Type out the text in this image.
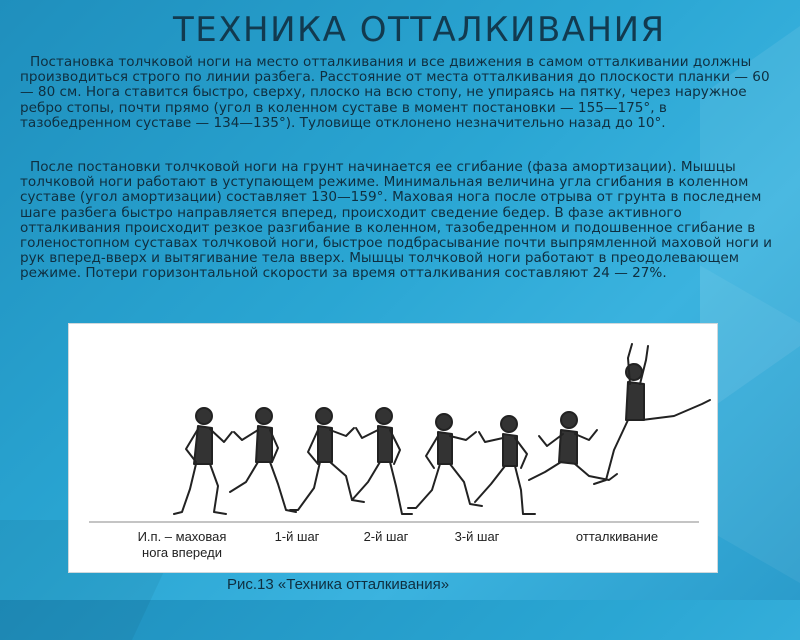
ТЕХНИКА ОТТАЛКИВАНИЯ

Постановка толчковой ноги на место отталкивания и все движения в самом отталкивании должны производиться строго по линии разбега. Расстояние от места отталкивания до плоскости планки — 60 — 80 см. Нога ставится быстро, сверху, плоско на всю стопу, не упираясь на пятку, через наружное ребро стопы, почти прямо (угол в коленном суставе в момент постановки — 155—175°, в тазобедренном суставе — 134—135°). Туловище отклонено незначительно назад до 10°.

После постановки толчковой ноги на грунт начинается ее сгибание (фаза амортизации). Мышцы толчковой ноги работают в уступающем режиме. Минимальная величина угла сгибания в коленном суставе (угол амортизации) составляет 130—159°. Маховая нога после отрыва от грунта в последнем шаге разбега быстро направляется вперед, происходит сведение бедер. В фазе активного отталкивания происходит резкое разгибание в коленном, тазобедренном и подошвенное сгибание в голеностопном суставах толчковой ноги, быстрое подбрасывание почти выпрямленной маховой ноги и рук вперед-вверх и вытягивание тела вверх. Мышцы толчковой ноги работают в преодолевающем режиме. Потери горизонтальной скорости за время отталкивания составляют 24 — 27%.

И.п. – маховая нога впереди
1-й шаг	2-й шаг	3-й шаг	отталкивание
Рис.13 «Техника отталкивания»
